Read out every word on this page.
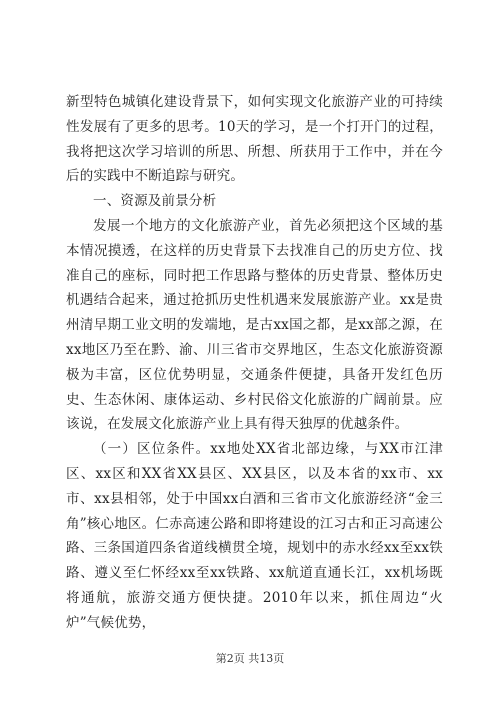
新型特色城镇化建设背景下，如何实现文化旅游产业的可持续性发展有了更多的思考。10天的学习，是一个打开门的过程，我将把这次学习培训的所思、所想、所获用于工作中，并在今后的实践中不断追踪与研究。

一、资源及前景分析

发展一个地方的文化旅游产业，首先必须把这个区域的基本情况摸透，在这样的历史背景下去找准自己的历史方位、找准自己的座标，同时把工作思路与整体的历史背景、整体历史机遇结合起来，通过抢抓历史性机遇来发展旅游产业。xx是贵州清早期工业文明的发端地，是古xx国之都，是xx部之源，在xx地区乃至在黔、渝、川三省市交界地区，生态文化旅游资源极为丰富，区位优势明显，交通条件便捷，具备开发红色历史、生态休闲、康体运动、乡村民俗文化旅游的广阔前景。应该说，在发展文化旅游产业上具有得天独厚的优越条件。

（一）区位条件。xx地处XX省北部边缘，与XX市江津区、xx区和XX省XX县区、XX县区，以及本省的xx市、xx市、xx县相邻，处于中国xx白酒和三省市文化旅游经济“金三角”核心地区。仁赤高速公路和即将建设的江习古和正习高速公路、三条国道四条省道线横贯全境，规划中的赤水经xx至xx铁路、遵义至仁怀经xx至xx铁路、xx航道直通长江，xx机场既将通航，旅游交通方便快捷。2010年以来，抓住周边“火炉”气候优势，

第2页 共13页
